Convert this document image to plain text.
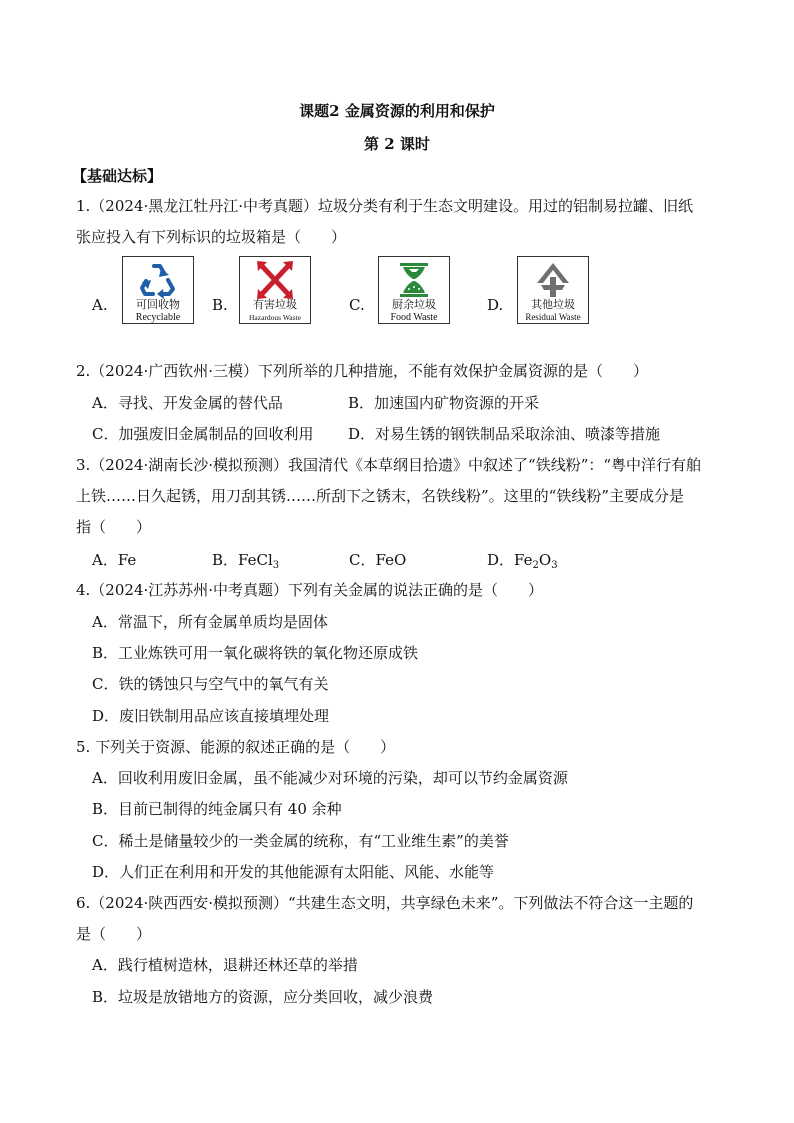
课题2 金属资源的利用和保护
第 2 课时
【基础达标】
1.（2024·黑龙江牡丹江·中考真题）垃圾分类有利于生态文明建设。用过的铝制易拉罐、旧纸
张应投入有下列标识的垃圾箱是（　　）
A.	可回收物
Recyclable
B.	有害垃圾
Hazardous Waste
C.	厨余垃圾
Food Waste
D.	其他垃圾
Residual Waste
2.（2024·广西钦州·三模）下列所举的几种措施，不能有效保护金属资源的是（　　）
A．寻找、开发金属的替代品	B．加速国内矿物资源的开采
C．加强废旧金属制品的回收利用 D．对易生锈的钢铁制品采取涂油、喷漆等措施
3.（2024·湖南长沙·模拟预测）我国清代《本草纲目拾遗》中叙述了“铁线粉”：“粤中洋行有舶
上铁……日久起锈，用刀刮其锈……所刮下之锈末，名铁线粉”。这里的“铁线粉”主要成分是
指（　　）
A．Fe	B．FeCl$_3$	C．FeO	D．$Fe_2O_3$
4.（2024·江苏苏州·中考真题）下列有关金属的说法正确的是（　　）
A．常温下，所有金属单质均是固体
B．工业炼铁可用一氧化碳将铁的氧化物还原成铁
C．铁的锈蚀只与空气中的氧气有关
D．废旧铁制用品应该直接填埋处理
5. 下列关于资源、能源的叙述正确的是（　　）
A．回收利用废旧金属，虽不能减少对环境的污染，却可以节约金属资源
B．目前已制得的纯金属只有 40 余种
C．稀土是储量较少的一类金属的统称，有“工业维生素”的美誉
D．人们正在利用和开发的其他能源有太阳能、风能、水能等
6.（2024·陕西西安·模拟预测）“共建生态文明，共享绿色未来”。下列做法不符合这一主题的
是（　　）
A．践行植树造林，退耕还林还草的举措
B．垃圾是放错地方的资源，应分类回收，减少浪费
